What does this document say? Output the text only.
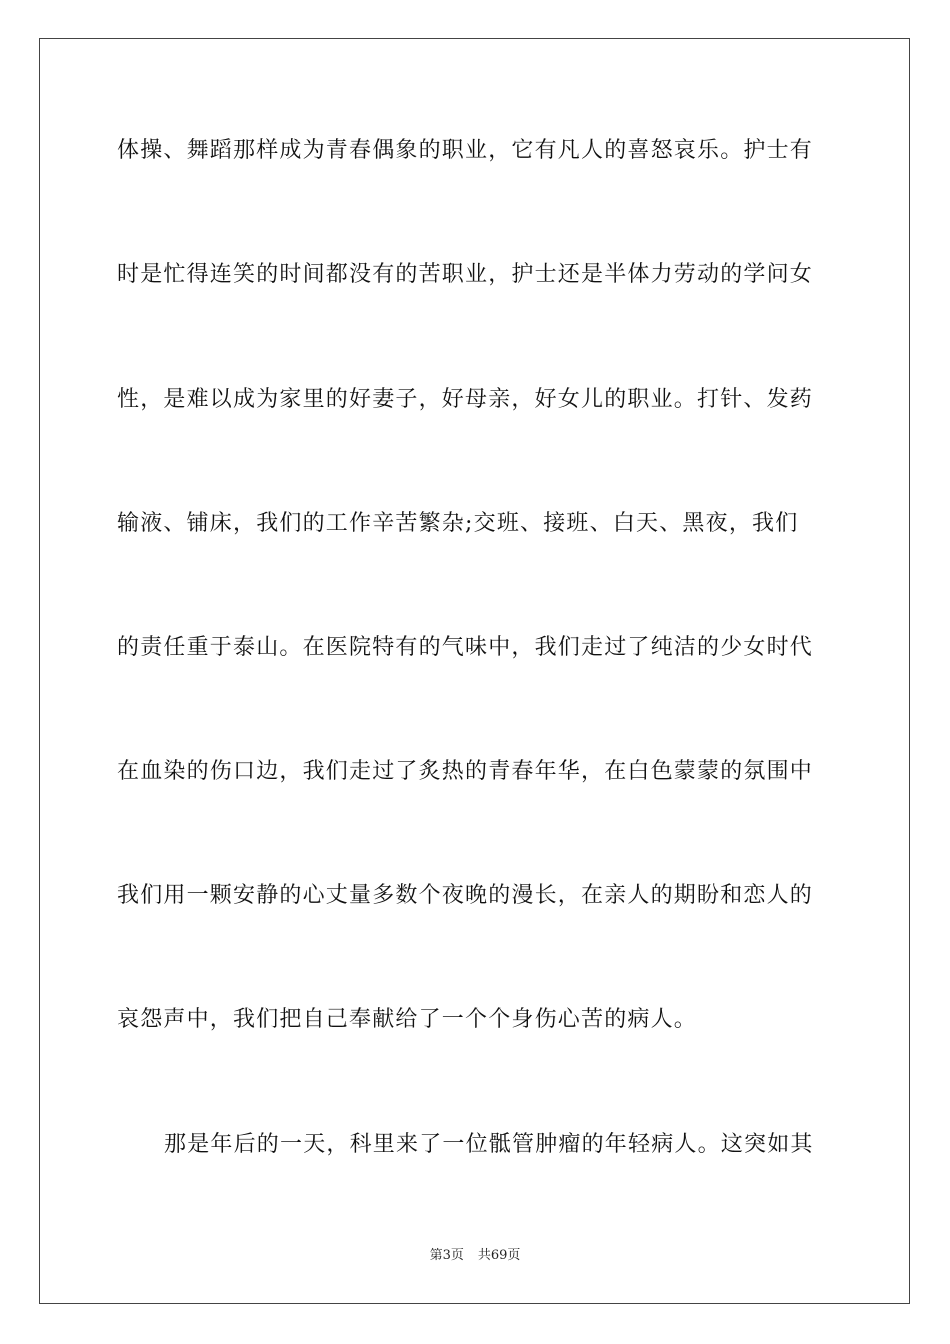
体操、舞蹈那样成为青春偶象的职业，它有凡人的喜怒哀乐。护士有
时是忙得连笑的时间都没有的苦职业，护士还是半体力劳动的学问女
性，是难以成为家里的好妻子，好母亲，好女儿的职业。打针、发药
输液、铺床，我们的工作辛苦繁杂;交班、接班、白天、黑夜，我们
的责任重于泰山。在医院特有的气味中，我们走过了纯洁的少女时代
在血染的伤口边，我们走过了炙热的青春年华，在白色蒙蒙的氛围中
我们用一颗安静的心丈量多数个夜晚的漫长，在亲人的期盼和恋人的
哀怨声中，我们把自己奉献给了一个个身伤心苦的病人。
那是年后的一天，科里来了一位骶管肿瘤的年轻病人。这突如其
第3页 共69页
